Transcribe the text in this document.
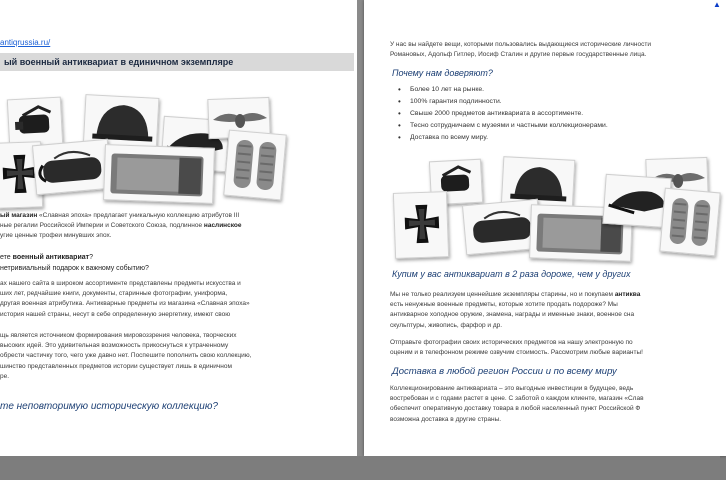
antiqrussia.ru/
ый военный антиквариат в единичном экземпляре
ый магазин «Славная эпоха» предлагает уникальную коллекцию атрибутов III
ные регалии Российской Империи и Советского Союза, подлинное наслинское
угие ценные трофеи минувших эпох.
ете военный антиквариат?
нетривиальный подарок к важному событию?
ах нашего сайта в широком ассортименте представлены предметы искусства и
ших лет, редчайшие книги, документы, старинные фотографии, униформа,
другая военная атрибутика. Антикварные предметы из магазина «Славная эпоха»
история нашей страны, несут в себе определенную энергетику, имеют свою
щь является источником формирования мировоззрения человека, творческих
высоких идей. Это удивительная возможность прикоснуться к утраченному
обрести частичку того, чего уже давно нет. Поспешите пополнить свою коллекцию,
шинство представленных предметов истории существует лишь в единичном
ре.
те неповторимую историческую коллекцию?
▲
У нас вы найдете вещи, которыми пользовались выдающиеся исторические личности
Романовых, Адольф Гитлер, Иосиф Сталин и другие первые государственные лица.
Почему нам доверяют?
• Более 10 лет на рынке.
• 100% гарантия подлинности.
• Свыше 2000 предметов антиквариата в ассортименте.
• Тесно сотрудничаем с музеями и частными коллекционерами.
• Доставка по всему миру.
Купим у вас антиквариат в 2 раза дороже, чем у других
Мы не только реализуем ценнейшие экземпляры старины, но и покупаем антиква
есть ненужные военные предметы, которые хотите продать подороже? Мы
антикварное холодное оружие, знамена, награды и именные знаки, военное сна
скульптуры, живопись, фарфор и др.
Отправьте фотографии своих исторических предметов на нашу электронную по
оценим и в телефонном режиме озвучим стоимость. Рассмотрим любые варианты!
Доставка в любой регион России и по всему миру
Коллекционирование антиквариата – это выгодные инвестиции в будущее, ведь
востребован и с годами растет в цене. С заботой о каждом клиенте, магазин «Слав
обеспечит оперативную доставку товара в любой населенный пункт Российской Ф
возможна доставка в другие страны.
